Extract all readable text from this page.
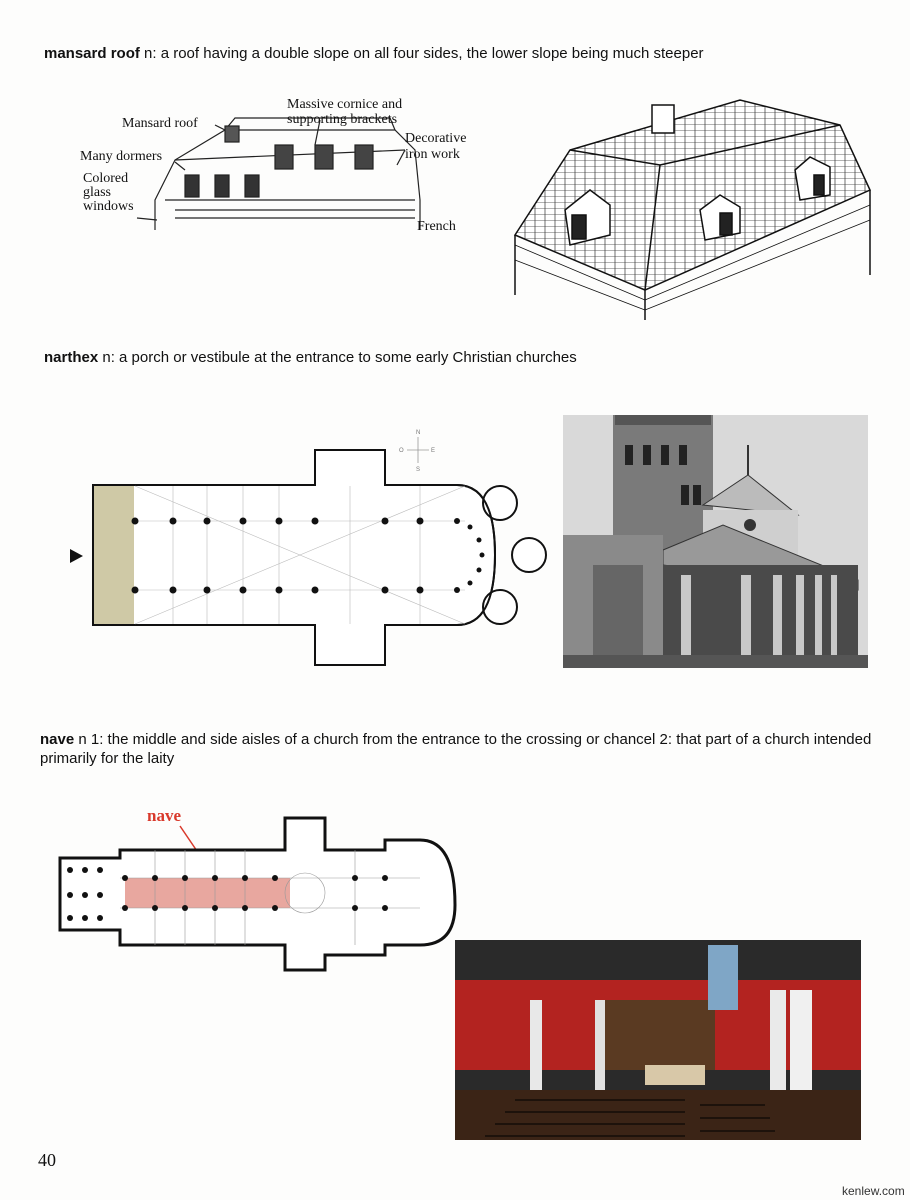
mansard roof n: a roof having a double slope on all four sides, the lower slope being much steeper
Mansard roof
Massive cornice and
supporting brackets
Many dormers
Colored
glass
windows
Decorative
iron work
French
narthex n: a porch or vestibule at the entrance to some early Christian churches
N
S
E
O
nave n 1: the middle and side aisles of a church from the entrance to the crossing or chancel 2: that part of a church intended primarily for the laity
nave
40
kenlew.com
